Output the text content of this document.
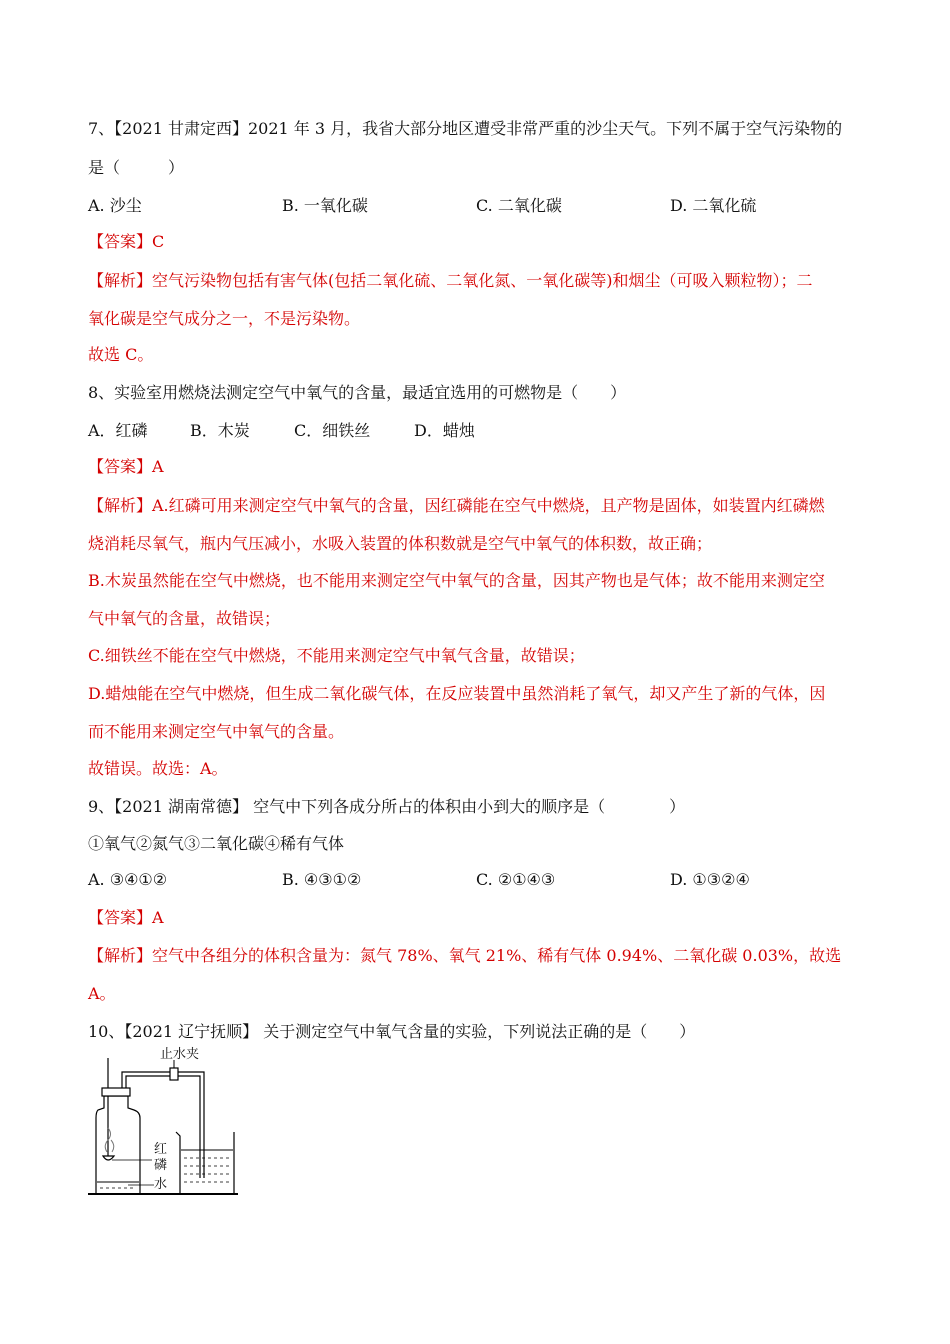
7、【2021 甘肃定西】2021 年 3 月，我省大部分地区遭受非常严重的沙尘天气。下列不属于空气污染物的
是（　　　）
A. 沙尘	B. 一氧化碳	C. 二氧化碳	D. 二氧化硫
【答案】C
【解析】空气污染物包括有害气体(包括二氧化硫、二氧化氮、一氧化碳等)和烟尘（可吸入颗粒物）；二
氧化碳是空气成分之一，不是污染物。
故选 C。
8、实验室用燃烧法测定空气中氧气的含量，最适宜选用的可燃物是（　　）
A．红磷	B．木炭	C．细铁丝	D．蜡烛
【答案】A
【解析】A.红磷可用来测定空气中氧气的含量，因红磷能在空气中燃烧，且产物是固体，如装置内红磷燃
烧消耗尽氧气，瓶内气压减小，水吸入装置的体积数就是空气中氧气的体积数，故正确；
B.木炭虽然能在空气中燃烧，也不能用来测定空气中氧气的含量，因其产物也是气体；故不能用来测定空
气中氧气的含量，故错误；
C.细铁丝不能在空气中燃烧，不能用来测定空气中氧气含量，故错误；
D.蜡烛能在空气中燃烧，但生成二氧化碳气体，在反应装置中虽然消耗了氧气，却又产生了新的气体，因
而不能用来测定空气中氧气的含量。
故错误。故选：A。
9、【2021 湖南常德】 空气中下列各成分所占的体积由小到大的顺序是（　　　　）
①氧气②氮气③二氧化碳④稀有气体
A. ③④①②	B. ④③①②	C. ②①④③	D. ①③②④
【答案】A
【解析】空气中各组分的体积含量为：氮气 78%、氧气 21%、稀有气体 0.94%、二氧化碳 0.03%，故选
A。
10、【2021 辽宁抚顺】 关于测定空气中氧气含量的实验，下列说法正确的是（　　）
止水夹
红磷
水
